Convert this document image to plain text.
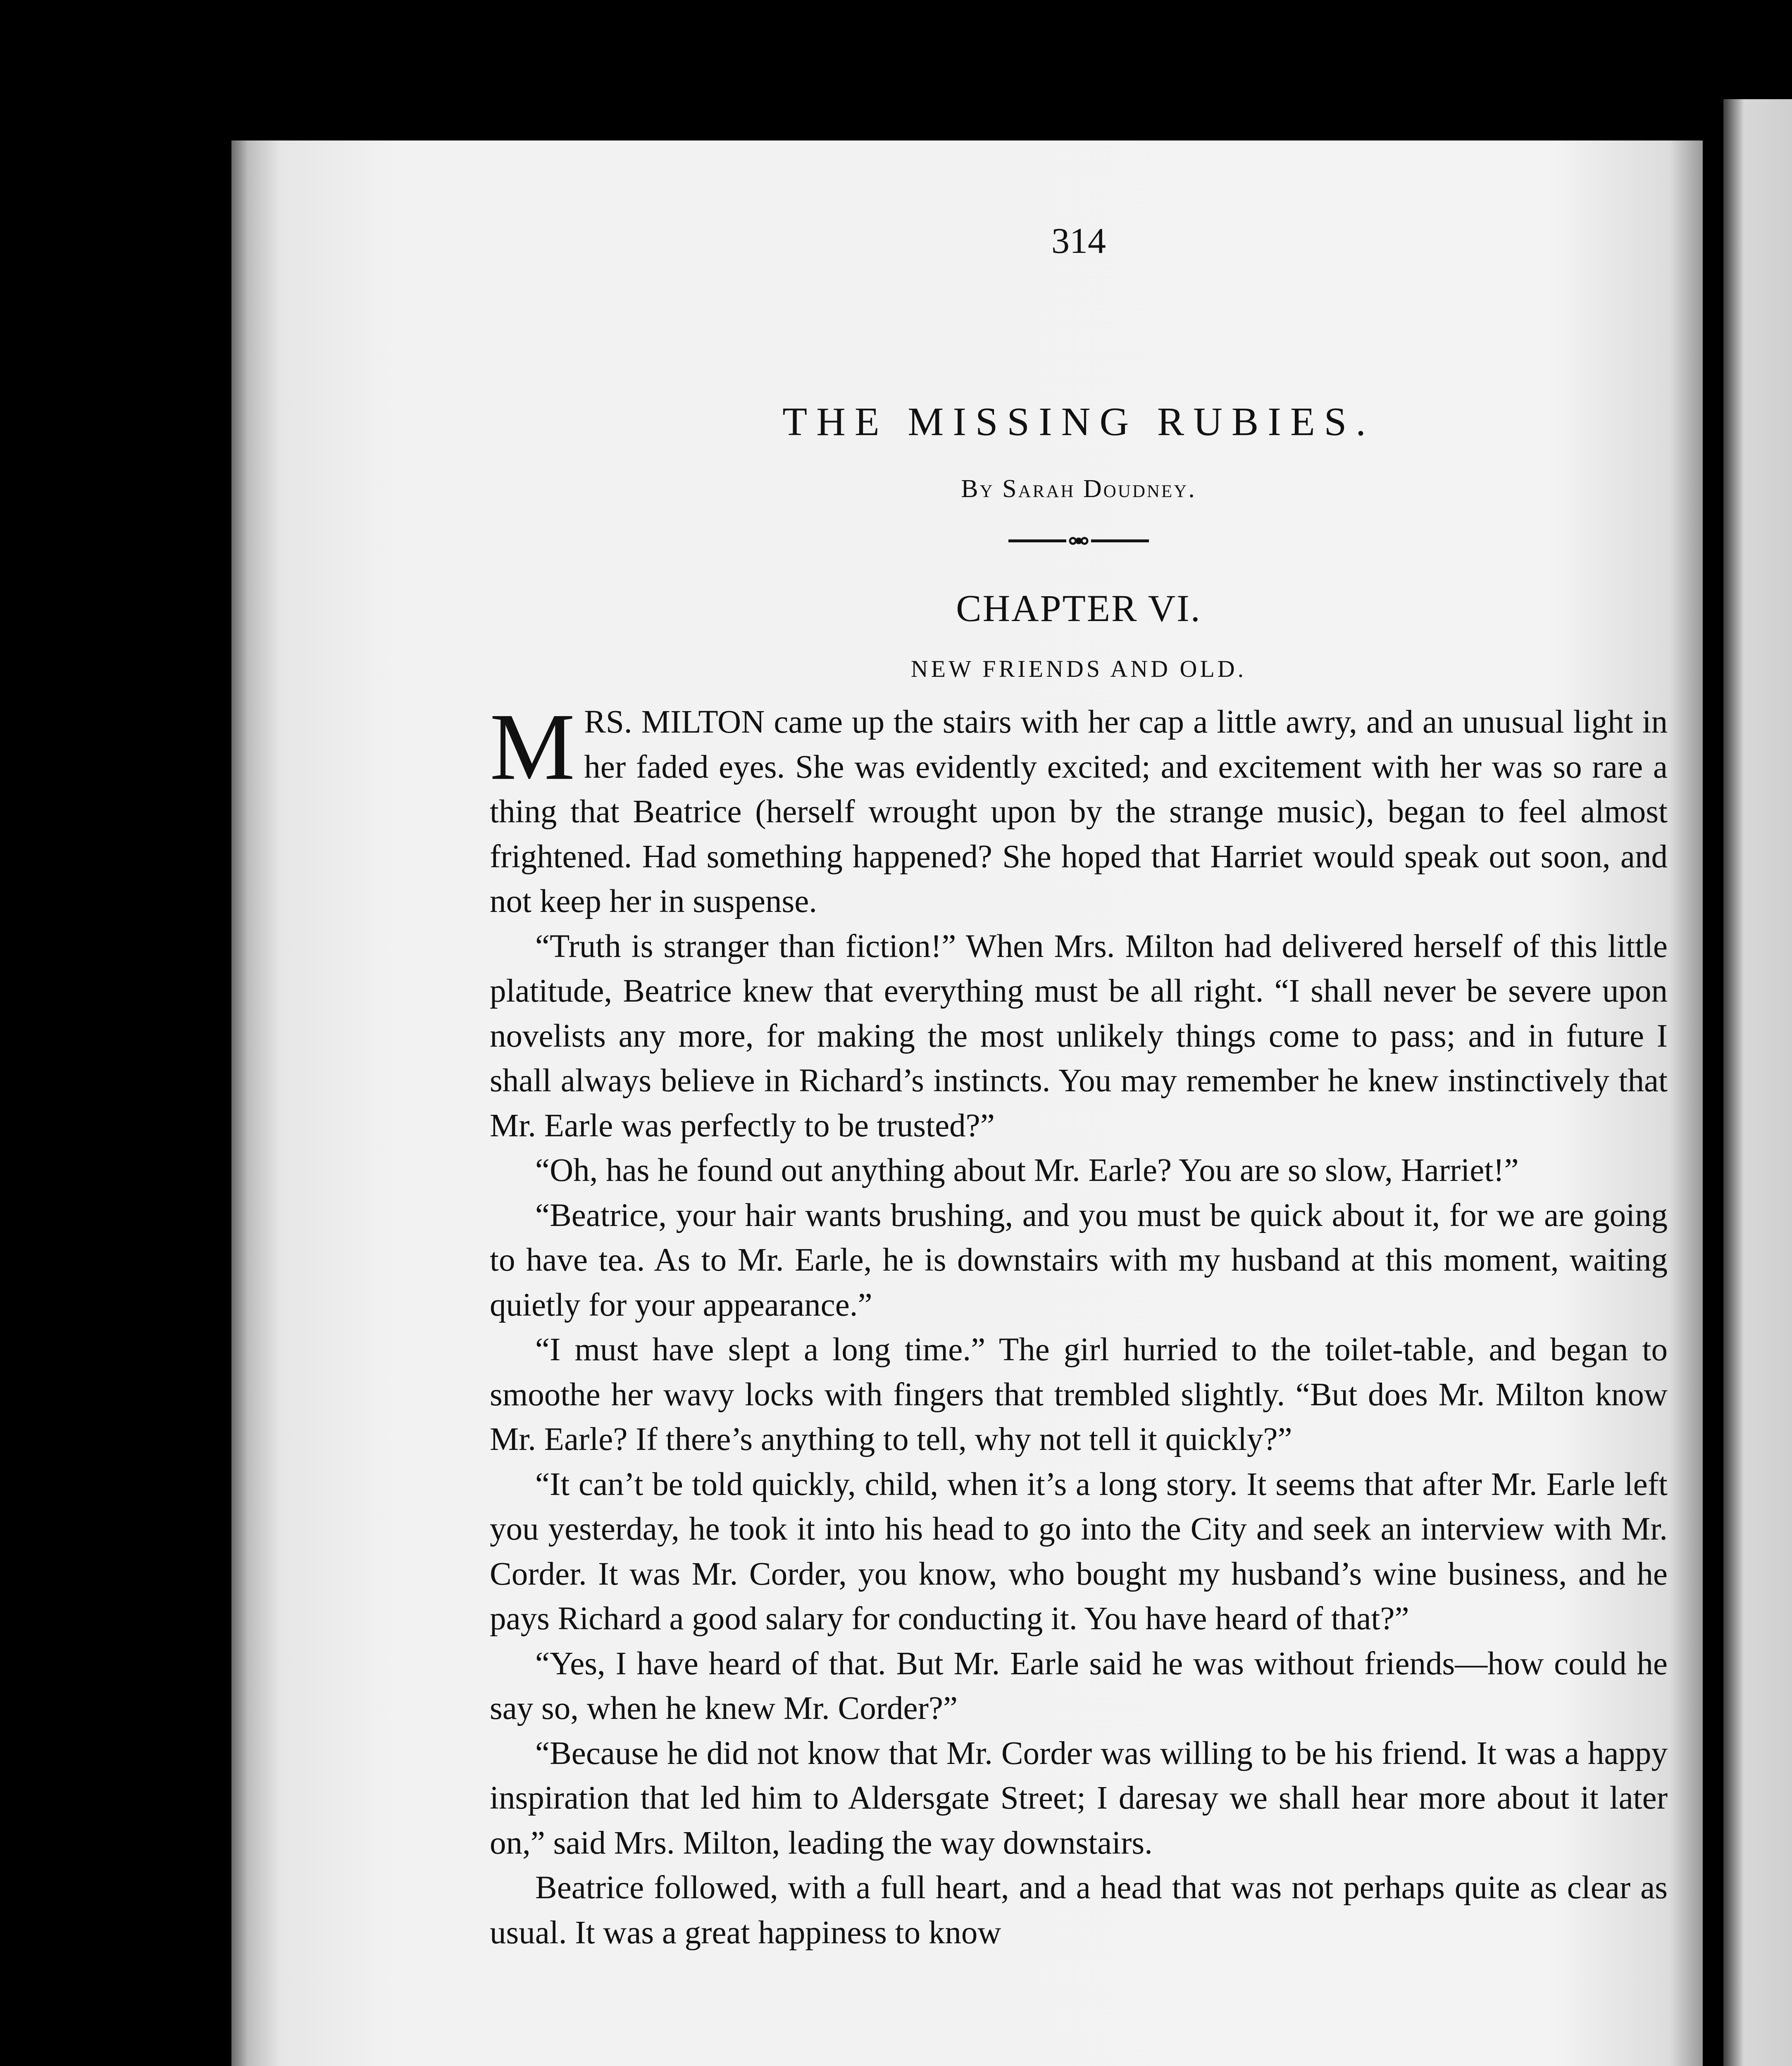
314
THE MISSING RUBIES.
By Sarah Doudney.
CHAPTER VI.
NEW FRIENDS AND OLD.

MRS. MILTON came up the stairs with her cap a little awry, and an unusual light in her faded eyes. She was evidently excited; and excitement with her was so rare a thing that Beatrice (herself wrought upon by the strange music), began to feel almost frightened. Had something happened? She hoped that Harriet would speak out soon, and not keep her in suspense.

“Truth is stranger than fiction!” When Mrs. Milton had delivered herself of this little platitude, Beatrice knew that everything must be all right. “I shall never be severe upon novelists any more, for making the most unlikely things come to pass; and in future I shall always believe in Richard’s instincts. You may remember he knew instinctively that Mr. Earle was perfectly to be trusted?”

“Oh, has he found out anything about Mr. Earle? You are so slow, Harriet!”

“Beatrice, your hair wants brushing, and you must be quick about it, for we are going to have tea. As to Mr. Earle, he is downstairs with my husband at this moment, waiting quietly for your appearance.”

“I must have slept a long time.” The girl hurried to the toilet-table, and began to smoothe her wavy locks with fingers that trembled slightly. “But does Mr. Milton know Mr. Earle? If there’s anything to tell, why not tell it quickly?”

“It can’t be told quickly, child, when it’s a long story. It seems that after Mr. Earle left you yesterday, he took it into his head to go into the City and seek an interview with Mr. Corder. It was Mr. Corder, you know, who bought my husband’s wine business, and he pays Richard a good salary for conducting it. You have heard of that?”

“Yes, I have heard of that. But Mr. Earle said he was without friends—how could he say so, when he knew Mr. Corder?”

“Because he did not know that Mr. Corder was willing to be his friend. It was a happy inspiration that led him to Aldersgate Street; I daresay we shall hear more about it later on,” said Mrs. Milton, leading the way downstairs.

Beatrice followed, with a full heart, and a head that was not perhaps quite as clear as usual. It was a great happiness to know
